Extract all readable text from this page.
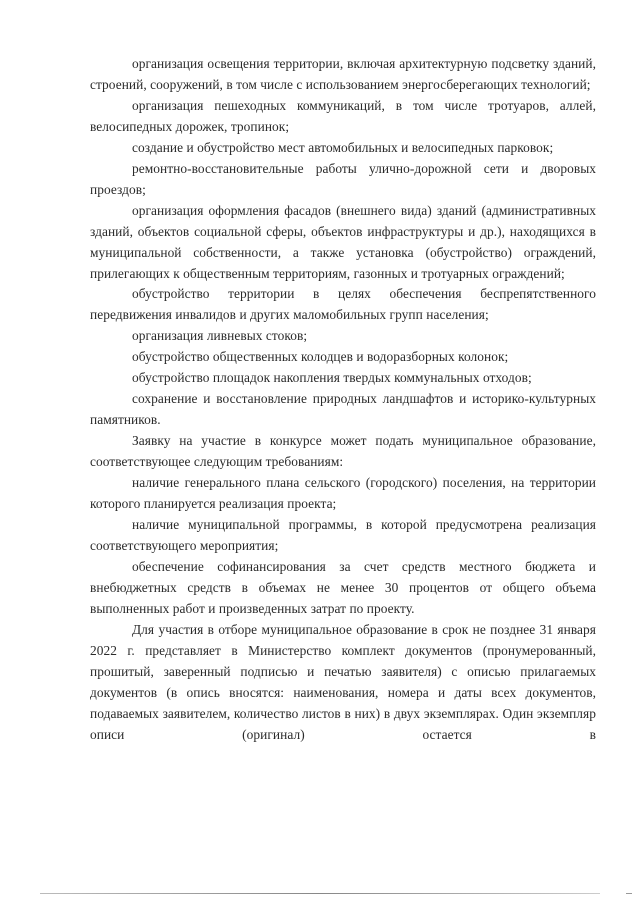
организация освещения территории, включая архитектурную подсветку зданий, строений, сооружений, в том числе с использованием энергосберегающих технологий;

организация пешеходных коммуникаций, в том числе тротуаров, аллей, велосипедных дорожек, тропинок;

создание и обустройство мест автомобильных и велосипедных парковок;

ремонтно-восстановительные работы улично-дорожной сети и дворовых проездов;

организация оформления фасадов (внешнего вида) зданий (административных зданий, объектов социальной сферы, объектов инфраструктуры и др.), находящихся в муниципальной собственности, а также установка (обустройство) ограждений, прилегающих к общественным территориям, газонных и тротуарных ограждений;

обустройство территории в целях обеспечения беспрепятственного передвижения инвалидов и других маломобильных групп населения;

организация ливневых стоков;

обустройство общественных колодцев и водоразборных колонок;

обустройство площадок накопления твердых коммунальных отходов;

сохранение и восстановление природных ландшафтов и историко-культурных памятников.

Заявку на участие в конкурсе может подать муниципальное образование, соответствующее следующим требованиям:

наличие генерального плана сельского (городского) поселения, на территории которого планируется реализация проекта;

наличие муниципальной программы, в которой предусмотрена реализация соответствующего мероприятия;

обеспечение софинансирования за счет средств местного бюджета и внебюджетных средств в объемах не менее 30 процентов от общего объема выполненных работ и произведенных затрат по проекту.

Для участия в отборе муниципальное образование в срок не позднее 31 января 2022 г. представляет в Министерство комплект документов (пронумерованный, прошитый, заверенный подписью и печатью заявителя) с описью прилагаемых документов (в опись вносятся: наименования, номера и даты всех документов, подаваемых заявителем, количество листов в них) в двух экземплярах. Один экземпляр описи (оригинал) остается в
